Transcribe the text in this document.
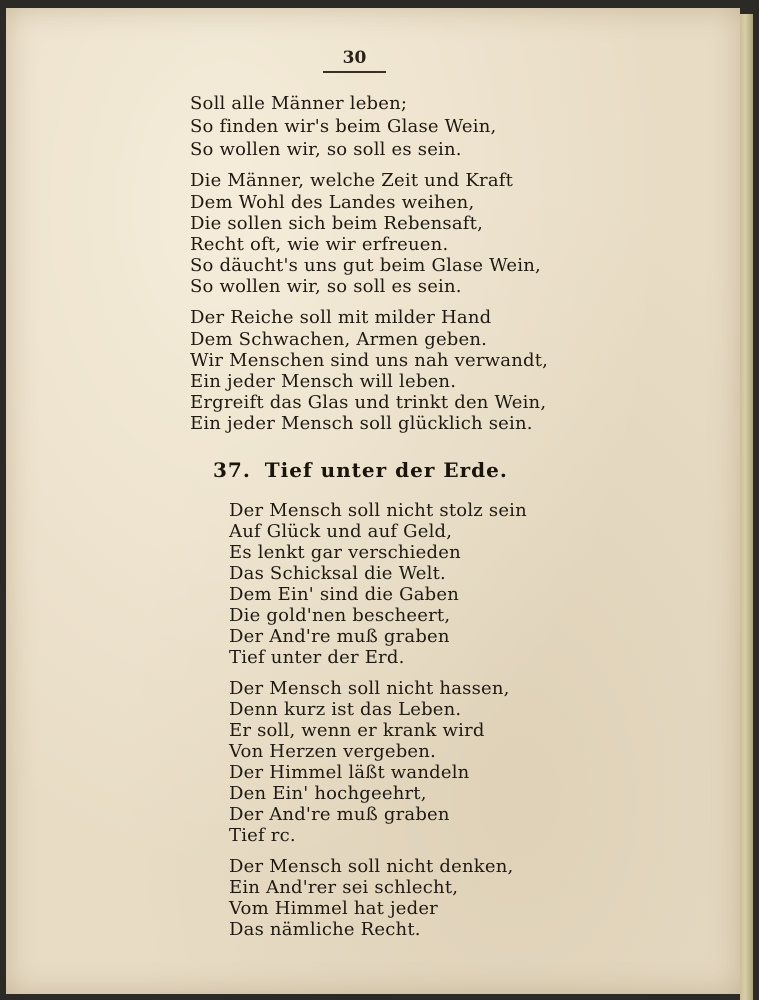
30
Soll alle Männer leben;
So finden wir's beim Glase Wein,
So wollen wir, so soll es sein.
Die Männer, welche Zeit und Kraft
Dem Wohl des Landes weihen,
Die sollen sich beim Rebensaft,
Recht oft, wie wir erfreuen.
So däucht's uns gut beim Glase Wein,
So wollen wir, so soll es sein.
Der Reiche soll mit milder Hand
Dem Schwachen, Armen geben.
Wir Menschen sind uns nah verwandt,
Ein jeder Mensch will leben.
Ergreift das Glas und trinkt den Wein,
Ein jeder Mensch soll glücklich sein.
37. Tief unter der Erde.
Der Mensch soll nicht stolz sein
Auf Glück und auf Geld,
Es lenkt gar verschieden
Das Schicksal die Welt.
Dem Ein' sind die Gaben
Die gold'nen bescheert,
Der And're muß graben
Tief unter der Erd.
Der Mensch soll nicht hassen,
Denn kurz ist das Leben.
Er soll, wenn er krank wird
Von Herzen vergeben.
Der Himmel läßt wandeln
Den Ein' hochgeehrt,
Der And're muß graben
Tief rc.
Der Mensch soll nicht denken,
Ein And'rer sei schlecht,
Vom Himmel hat jeder
Das nämliche Recht.
